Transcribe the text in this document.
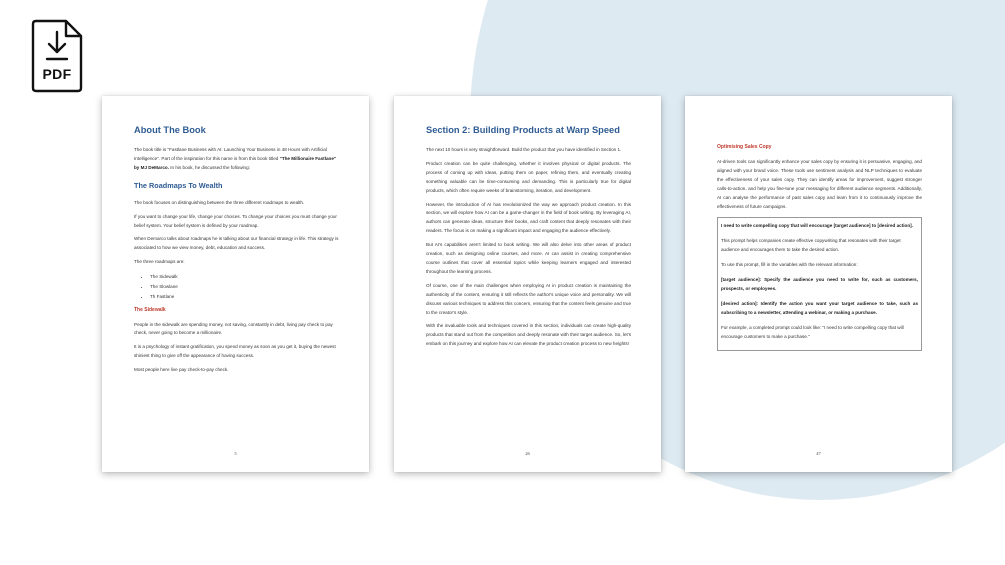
PDF
About The Book

The book title is "Fastlane Business with AI: Launching Your Business in 48 Hours with Artificial Intelligence". Part of the inspiration for this name is from this book titled "The Millionaire Fastlane" by MJ DeMarco. In his book, he discussed the following:

The Roadmaps To Wealth

The book focuses on distinguishing between the three different roadmaps to wealth.

If you want to change your life, change your choices. To change your choices you must change your belief system. Your belief system is defined by your roadmap.

When Demarco talks about roadmaps he is talking about our financial strategy in life. This strategy is associated to how we view money, debt, education and success.

The three roadmaps are:

• The Sidewalk
• The Slowlane
• Th Fastlane
The Sidewalk

People in the sidewalk are spending money, not saving, constantly in debt, living pay check to pay check, never going to become a millionaire.

It is a psychology of instant gratification, you spend money as soon as you get it, buying the newest shiniest thing to give off the appearance of having success.

Most people here live pay check-to-pay check.

5
Section 2: Building Products at Warp Speed

The next 10 hours is very straightforward. Build the product that you have identified in Section 1.

Product creation can be quite challenging, whether it involves physical or digital products. The process of coming up with ideas, putting them on paper, refining them, and eventually creating something valuable can be time-consuming and demanding. This is particularly true for digital products, which often require weeks of brainstorming, iteration, and development.

However, the introduction of AI has revolutionized the way we approach product creation. In this section, we will explore how AI can be a game-changer in the field of book writing. By leveraging AI, authors can generate ideas, structure their books, and craft content that deeply resonates with their readers. The focus is on making a significant impact and engaging the audience effectively.

But AI's capabilities aren't limited to book writing. We will also delve into other areas of product creation, such as designing online courses, and more. AI can assist in creating comprehensive course outlines that cover all essential topics while keeping learners engaged and interested throughout the learning process.

Of course, one of the main challenges when employing AI in product creation is maintaining the authenticity of the content, ensuring it still reflects the author's unique voice and personality. We will discuss various techniques to address this concern, ensuring that the content feels genuine and true to the creator's style.

With the invaluable tools and techniques covered in this section, individuals can create high-quality products that stand out from the competition and deeply resonate with their target audience. So, let's embark on this journey and explore how AI can elevate the product creation process to new heights!

26
Optimising Sales Copy

AI-driven tools can significantly enhance your sales copy by ensuring it is persuasive, engaging, and aligned with your brand voice. These tools use sentiment analysis and NLP techniques to evaluate the effectiveness of your sales copy. They can identify areas for improvement, suggest stronger calls-to-action, and help you fine-tune your messaging for different audience segments. Additionally, AI can analyse the performance of past sales copy and learn from it to continuously improve the effectiveness of future campaigns.

I need to write compelling copy that will encourage [target audience] to [desired action].

This prompt helps companies create effective copywriting that resonates with their target audience and encourages them to take the desired action.

To use this prompt, fill in the variables with the relevant information:

[target audience]: Specify the audience you need to write for, such as customers, prospects, or employees.

[desired action]: Identify the action you want your target audience to take, such as subscribing to a newsletter, attending a webinar, or making a purchase.

For example, a completed prompt could look like: "I need to write compelling copy that will encourage customers to make a purchase."

47
